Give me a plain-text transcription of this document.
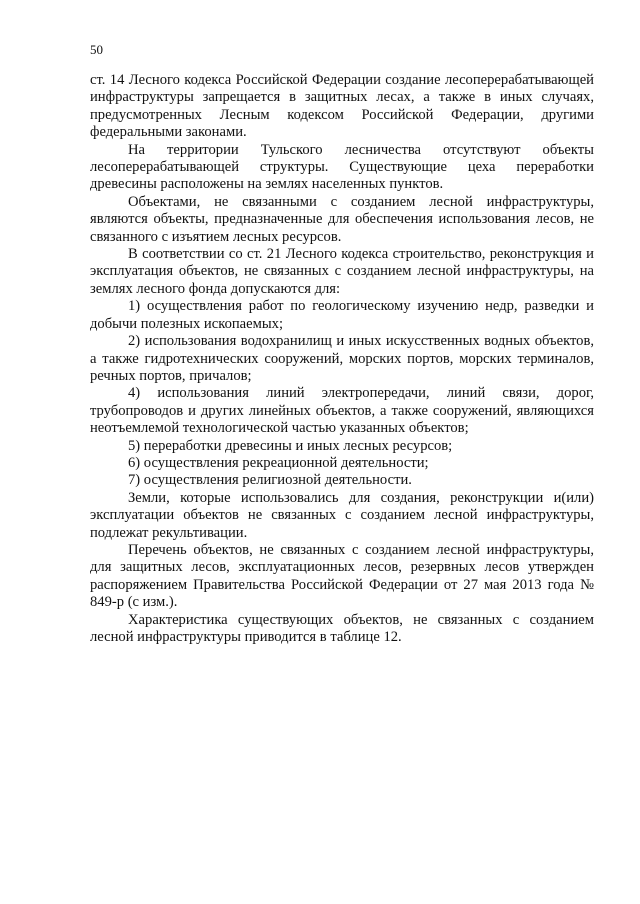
50

ст. 14 Лесного кодекса Российской Федерации создание лесоперерабатывающей инфраструктуры запрещается в защитных лесах, а также в иных случаях, предусмотренных Лесным кодексом Российской Федерации, другими федеральными законами.

На территории Тульского лесничества отсутствуют объекты лесоперерабатывающей структуры. Существующие цеха переработки древесины расположены на землях населенных пунктов.

Объектами, не связанными с созданием лесной инфраструктуры, являются объекты, предназначенные для обеспечения использования лесов, не связанного с изъятием лесных ресурсов.

В соответствии со ст. 21 Лесного кодекса строительство, реконструкция и эксплуатация объектов, не связанных с созданием лесной инфраструктуры, на землях лесного фонда допускаются для:

1) осуществления работ по геологическому изучению недр, разведки и добычи полезных ископаемых;

2) использования водохранилищ и иных искусственных водных объектов, а также гидротехнических сооружений, морских портов, морских терминалов, речных портов, причалов;

4) использования линий электропередачи, линий связи, дорог, трубопроводов и других линейных объектов, а также сооружений, являющихся неотъемлемой технологической частью указанных объектов;

5) переработки древесины и иных лесных ресурсов;

6) осуществления рекреационной деятельности;

7) осуществления религиозной деятельности.

Земли, которые использовались для создания, реконструкции и(или) эксплуатации объектов не связанных с созданием лесной инфраструктуры, подлежат рекультивации.

Перечень объектов, не связанных с созданием лесной инфраструктуры, для защитных лесов, эксплуатационных лесов, резервных лесов утвержден распоряжением Правительства Российской Федерации от 27 мая 2013 года № 849-р (с изм.).

Характеристика существующих объектов, не связанных с созданием лесной инфраструктуры приводится в таблице 12.
